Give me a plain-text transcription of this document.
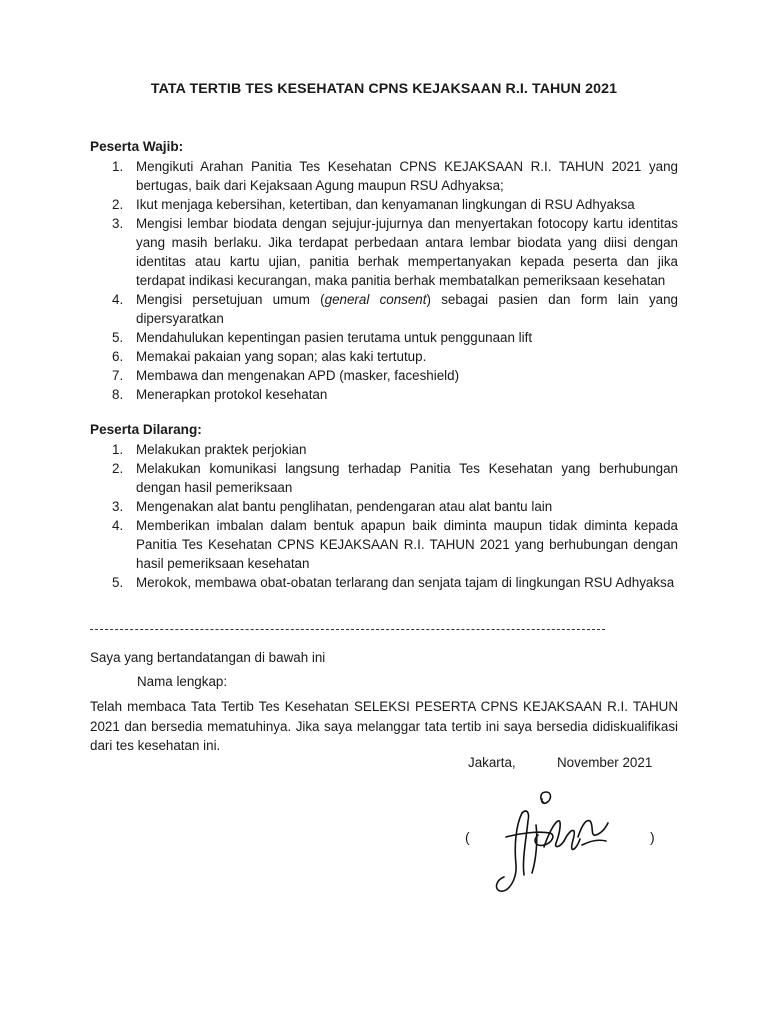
TATA TERTIB TES KESEHATAN CPNS KEJAKSAAN R.I. TAHUN 2021
Peserta Wajib:
1. Mengikuti Arahan Panitia Tes Kesehatan CPNS KEJAKSAAN R.I. TAHUN 2021 yang bertugas, baik dari Kejaksaan Agung maupun RSU Adhyaksa;
2. Ikut menjaga kebersihan, ketertiban, dan kenyamanan lingkungan di RSU Adhyaksa
3. Mengisi lembar biodata dengan sejujur-jujurnya dan menyertakan fotocopy kartu identitas yang masih berlaku. Jika terdapat perbedaan antara lembar biodata yang diisi dengan identitas atau kartu ujian, panitia berhak mempertanyakan kepada peserta dan jika terdapat indikasi kecurangan, maka panitia berhak membatalkan pemeriksaan kesehatan
4. Mengisi persetujuan umum (general consent) sebagai pasien dan form lain yang dipersyaratkan
5. Mendahulukan kepentingan pasien terutama untuk penggunaan lift
6. Memakai pakaian yang sopan; alas kaki tertutup.
7. Membawa dan mengenakan APD (masker, faceshield)
8. Menerapkan protokol kesehatan
Peserta Dilarang:
1. Melakukan praktek perjokian
2. Melakukan komunikasi langsung terhadap Panitia Tes Kesehatan yang berhubungan dengan hasil pemeriksaan
3. Mengenakan alat bantu penglihatan, pendengaran atau alat bantu lain
4. Memberikan imbalan dalam bentuk apapun baik diminta maupun tidak diminta kepada Panitia Tes Kesehatan CPNS KEJAKSAAN R.I. TAHUN 2021 yang berhubungan dengan hasil pemeriksaan kesehatan
5. Merokok, membawa obat-obatan terlarang dan senjata tajam di lingkungan RSU Adhyaksa
Saya yang bertandatangan di bawah ini
Nama lengkap:
Telah membaca Tata Tertib Tes Kesehatan SELEKSI PESERTA CPNS KEJAKSAAN R.I. TAHUN 2021 dan bersedia mematuhinya. Jika saya melanggar tata tertib ini saya bersedia didiskualifikasi dari tes kesehatan ini.
Jakarta,	November 2021
(	)
